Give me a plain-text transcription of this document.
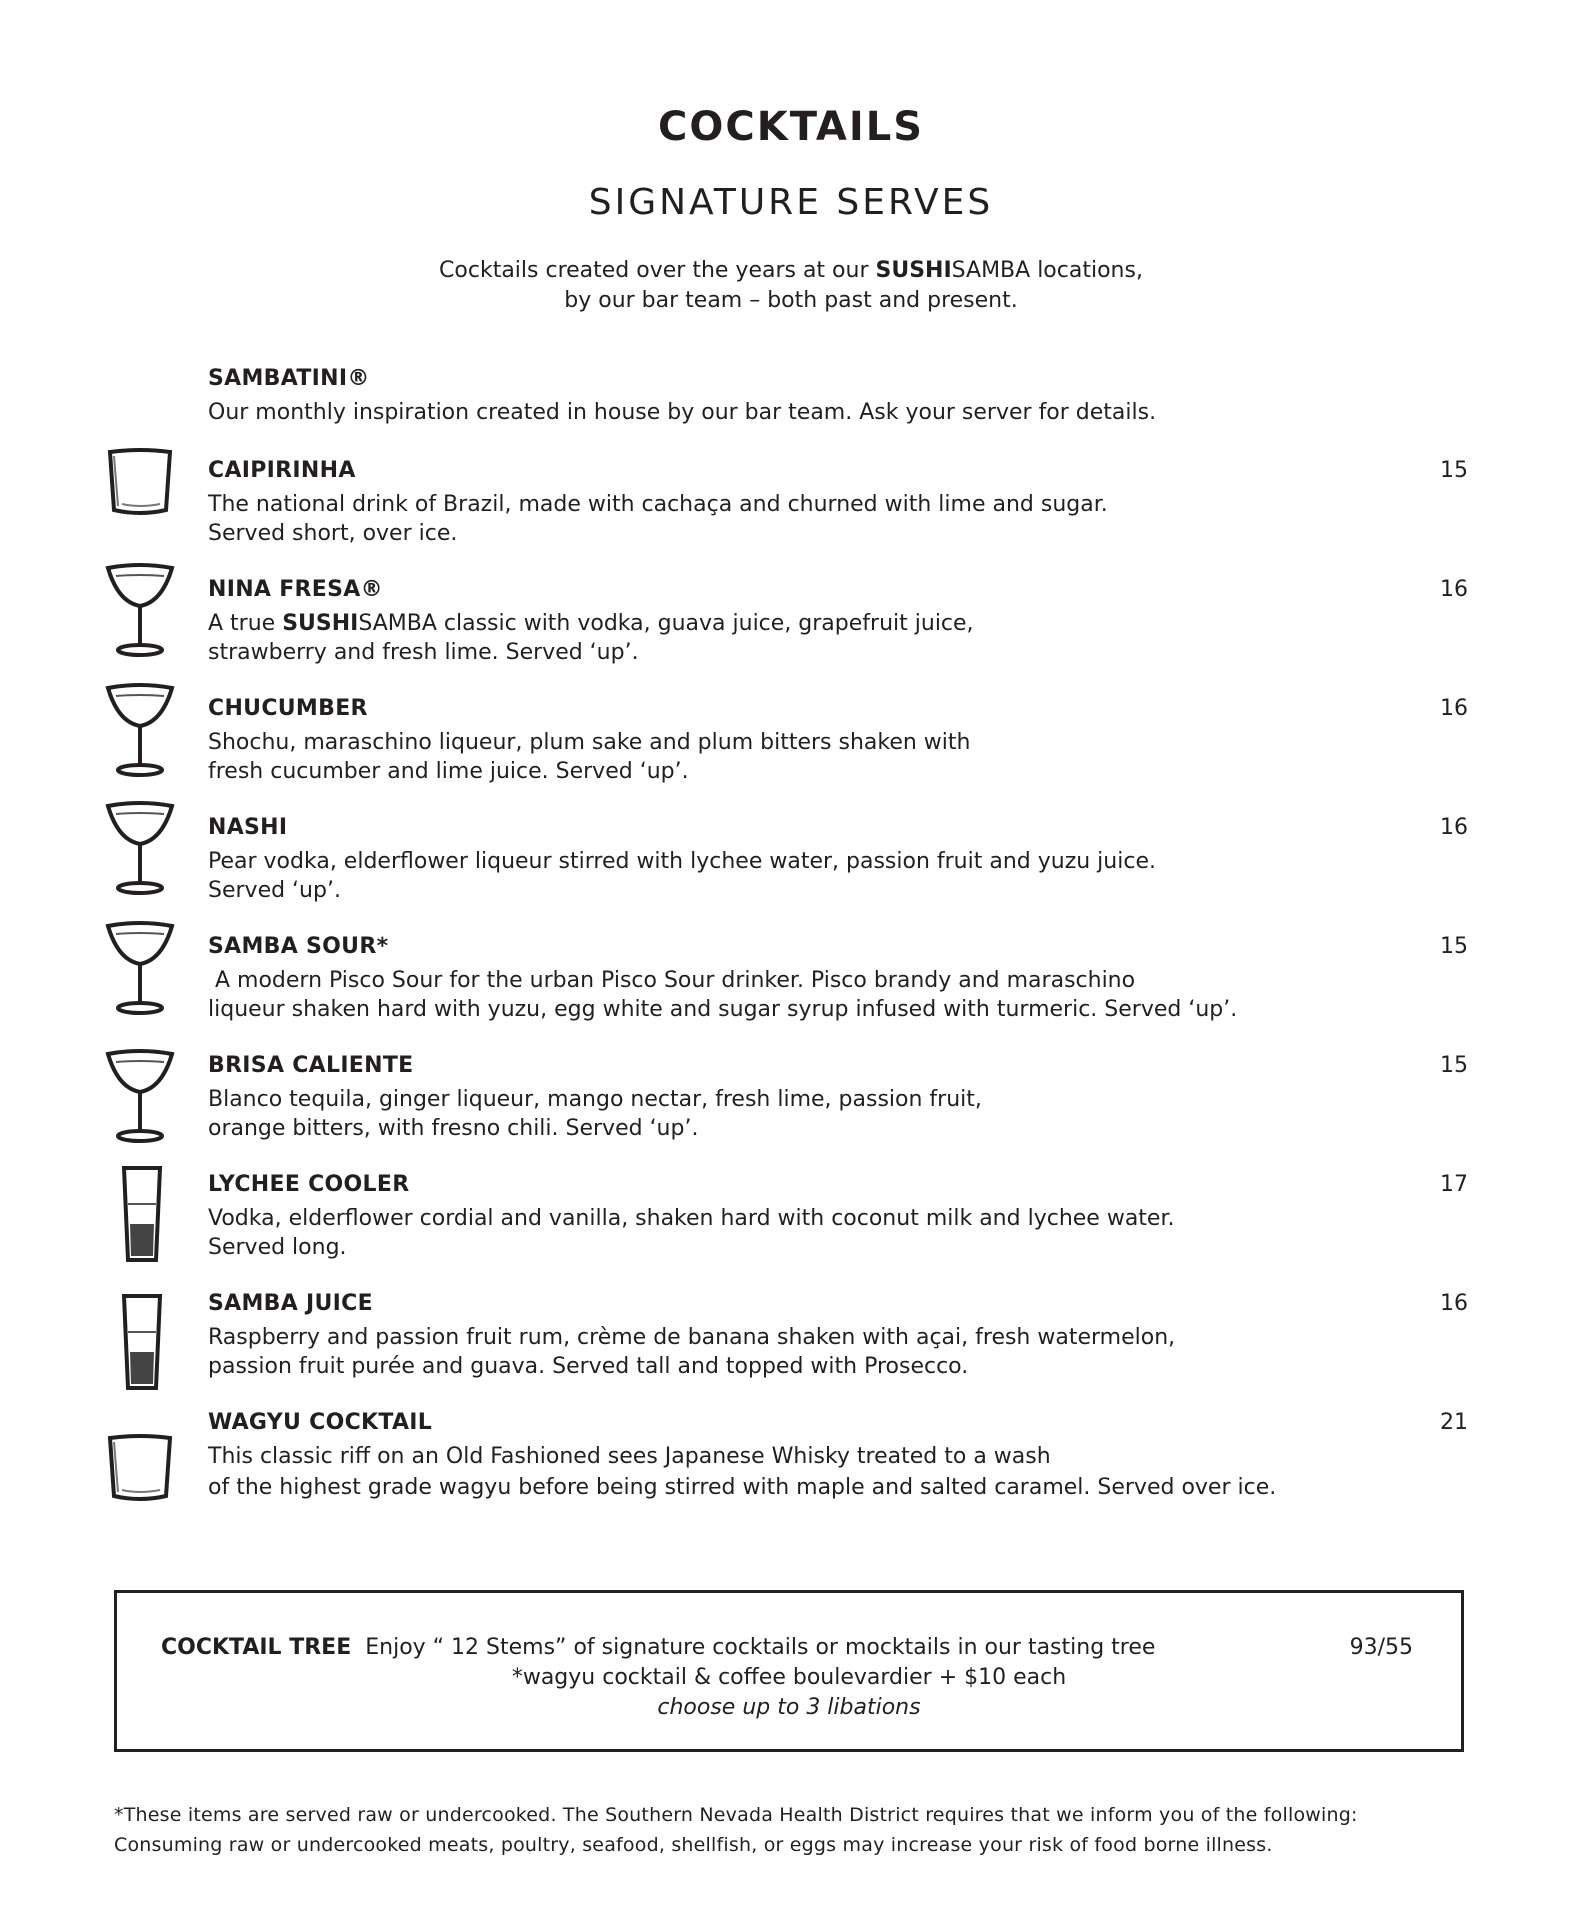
COCKTAILS
SIGNATURE SERVES

Cocktails created over the years at our SUSHISAMBA locations,
by our bar team – both past and present.

SAMBATINI®

Our monthly inspiration created in house by our bar team. Ask your server for details.

CAIPIRINHA	15

The national drink of Brazil, made with cachaça and churned with lime and sugar.
Served short, over ice.

NINA FRESA®	16

A true SUSHISAMBA classic with vodka, guava juice, grapefruit juice,
strawberry and fresh lime. Served ‘up’.

CHUCUMBER	16

Shochu, maraschino liqueur, plum sake and plum bitters shaken with
fresh cucumber and lime juice. Served ‘up’.

NASHI	16

Pear vodka, elderflower liqueur stirred with lychee water, passion fruit and yuzu juice.
Served ‘up’.

SAMBA SOUR*	15

A modern Pisco Sour for the urban Pisco Sour drinker. Pisco brandy and maraschino
liqueur shaken hard with yuzu, egg white and sugar syrup infused with turmeric. Served ‘up’.

BRISA CALIENTE	15

Blanco tequila, ginger liqueur, mango nectar, fresh lime, passion fruit,
orange bitters, with fresno chili. Served ‘up’.

LYCHEE COOLER	17

Vodka, elderflower cordial and vanilla, shaken hard with coconut milk and lychee water.
Served long.

SAMBA JUICE	16

Raspberry and passion fruit rum, crème de banana shaken with açai, fresh watermelon,
passion fruit purée and guava. Served tall and topped with Prosecco.

WAGYU COCKTAIL	21

This classic riff on an Old Fashioned sees Japanese Whisky treated to a wash
of the highest grade wagyu before being stirred with maple and salted caramel. Served over ice.

COCKTAIL TREE Enjoy “ 12 Stems” of signature cocktails or mocktails in our tasting tree	93/55
*wagyu cocktail & coffee boulevardier + $10 each
choose up to 3 libations

*These items are served raw or undercooked. The Southern Nevada Health District requires that we inform you of the following:
Consuming raw or undercooked meats, poultry, seafood, shellfish, or eggs may increase your risk of food borne illness.
